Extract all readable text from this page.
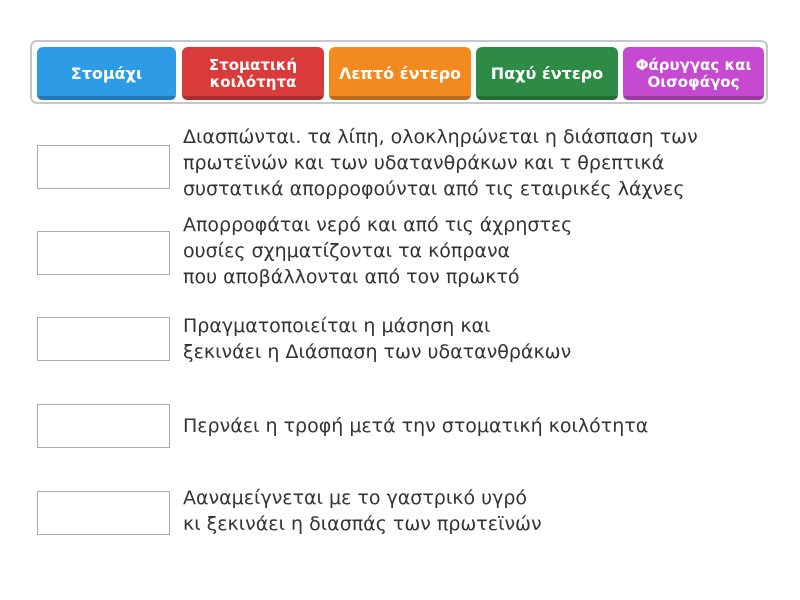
Στομάχι	Στοματική
κοιλότητα	Λεπτό έντερο	Παχύ έντερο	Φάρυγγας και
Οισοφάγος
Διασπώνται. τα λίπη, ολοκληρώνεται η διάσπαση των
πρωτεϊνών και των υδατανθράκων και τ θρεπτικά
συστατικά απορροφούνται από τις εταιρικές λάχνες
Απορροφάται νερό και από τις άχρηστες
ουσίες σχηματίζονται τα κόπρανα
που αποβάλλονται από τον πρωκτό
Πραγματοποιείται η μάσηση και
ξεκινάει η Διάσπαση των υδατανθράκων
Περνάει η τροφή μετά την στοματική κοιλότητα
Ααναμείγνεται με το γαστρικό υγρό
κι ξεκινάει η διασπάς των πρωτεϊνών
